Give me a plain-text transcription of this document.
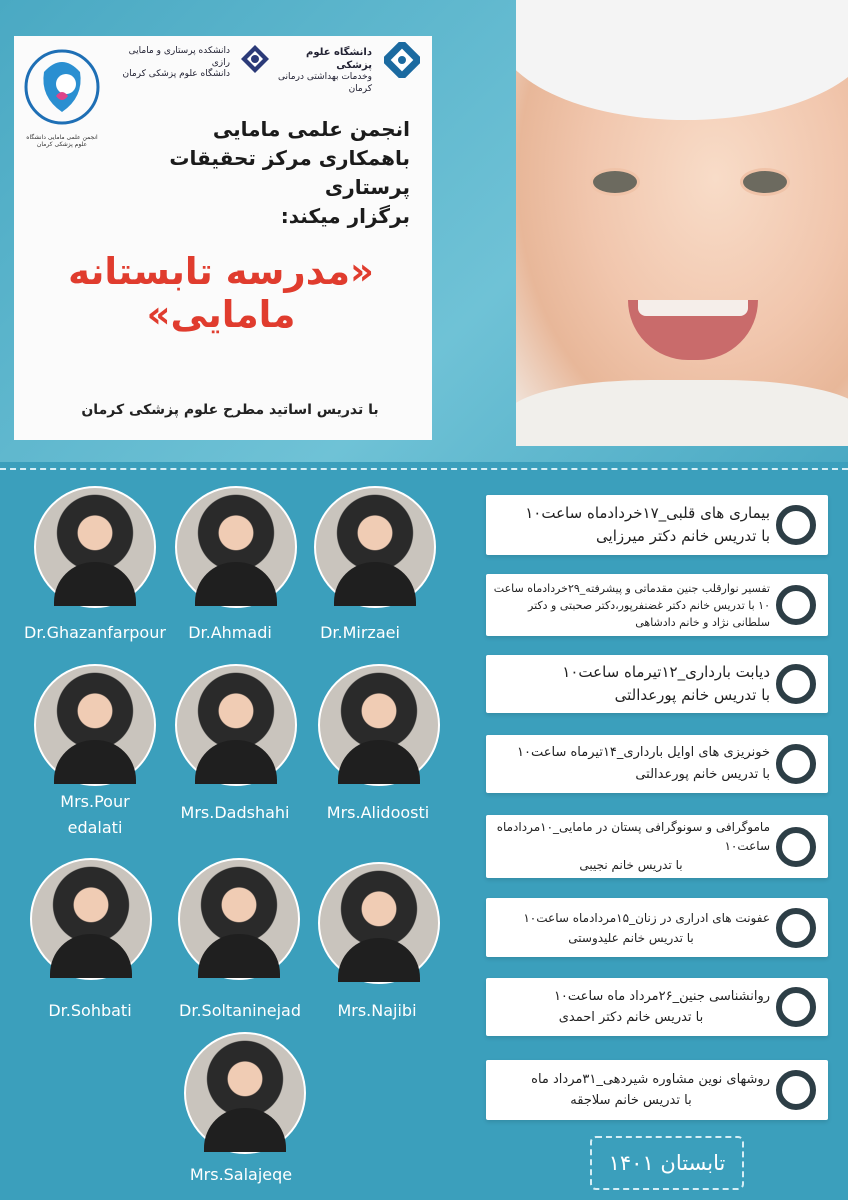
انجمن علمی مامایی دانشگاه علوم پزشکی کرمان
دانشکده پرستاری و مامایی رازی
دانشگاه علوم پزشکی کرمان
دانشگاه علوم پزشکی
وخدمات بهداشتی درمانی کرمان
انجمن علمی مامایی
باهمکاری مرکز تحقیقات پرستاری
برگزار میکند:
«مدرسه تابستانه مامایی»
با تدریس اساتید مطرح علوم پزشکی کرمان
Dr.Ghazanfarpour	Dr.Ahmadi	Dr.Mirzaei
Mrs.Pour edalati
Mrs.Dadshahi	Mrs.Alidoosti
Dr.Sohbati	Dr.Soltaninejad	Mrs.Najibi
Mrs.Salajeqe
بیماری های قلبی_۱۷خردادماه ساعت۱۰
با تدریس خانم دکتر میرزایی
تفسیر نوارقلب جنین مقدماتی و پیشرفته_۲۹خردادماه ساعت ۱۰ با تدریس خانم دکتر غضنفرپور،دکتر صحبتی و دکتر سلطانی نژاد و خانم دادشاهی
دیابت بارداری_۱۲تیرماه ساعت۱۰
با تدریس خانم پورعدالتی
خونریزی های اوایل بارداری_۱۴تیرماه ساعت۱۰
با تدریس خانم پورعدالتی
ماموگرافی و سونوگرافی پستان در مامایی_۱۰مردادماه ساعت۱۰
با تدریس خانم نجیبی
عفونت های ادراری در زنان_۱۵مردادماه ساعت۱۰
با تدریس خانم علیدوستی
روانشناسی جنین_۲۶مرداد ماه ساعت۱۰
با تدریس خانم دکتر احمدی
روشهای نوین مشاوره شیردهی_۳۱مرداد ماه
با تدریس خانم سلاجقه
تابستان ۱۴۰۱
